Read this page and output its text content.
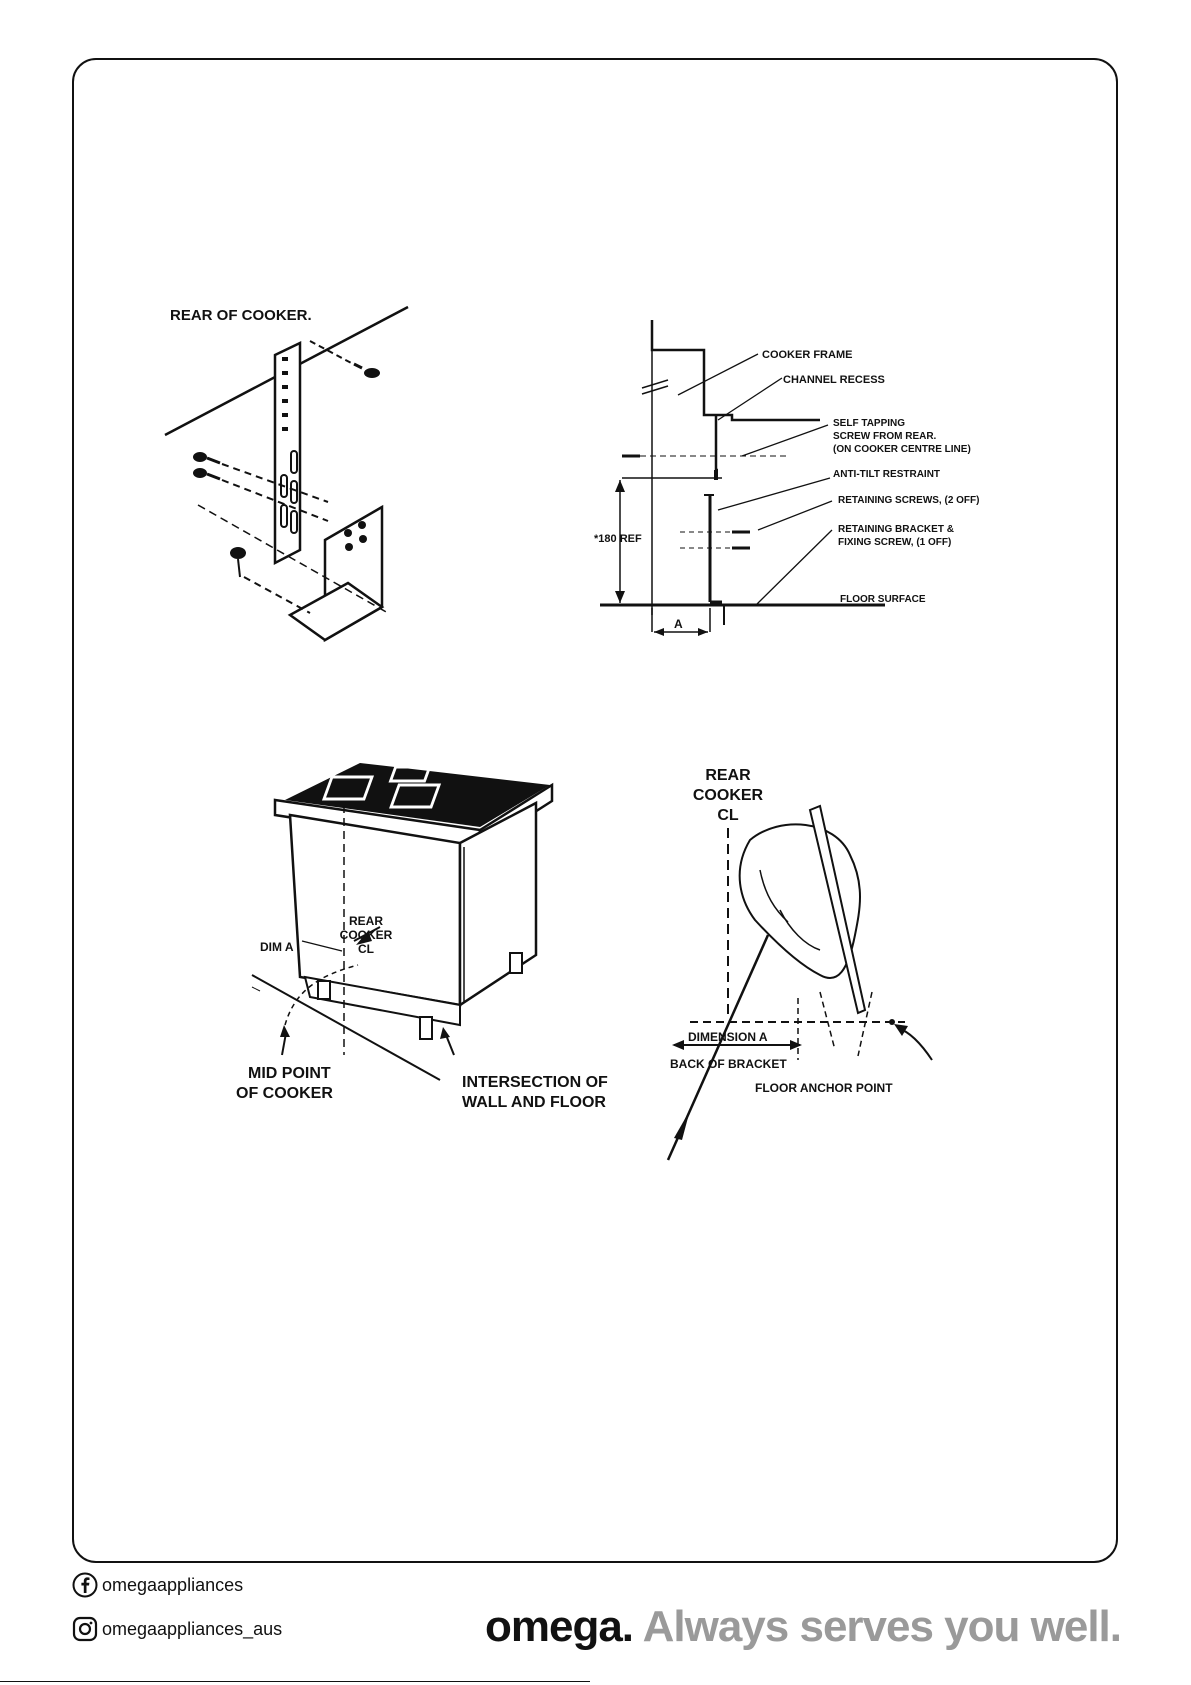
REAR OF COOKER.
*180 REF
A
COOKER FRAME
CHANNEL RECESS
SELF TAPPING
SCREW FROM REAR.
(ON COOKER CENTRE LINE)
ANTI-TILT RESTRAINT
RETAINING SCREWS, (2 OFF)
RETAINING BRACKET &
FIXING SCREW, (1 OFF)
FLOOR SURFACE
DIM A
REAR
COOKER
CL
MID POINT
OF COOKER
INTERSECTION OF
WALL AND FLOOR
REAR
COOKER
CL
DIMENSION A
BACK OF BRACKET
FLOOR ANCHOR POINT
omegaappliances
omegaappliances_aus	omega. Always serves you well.
